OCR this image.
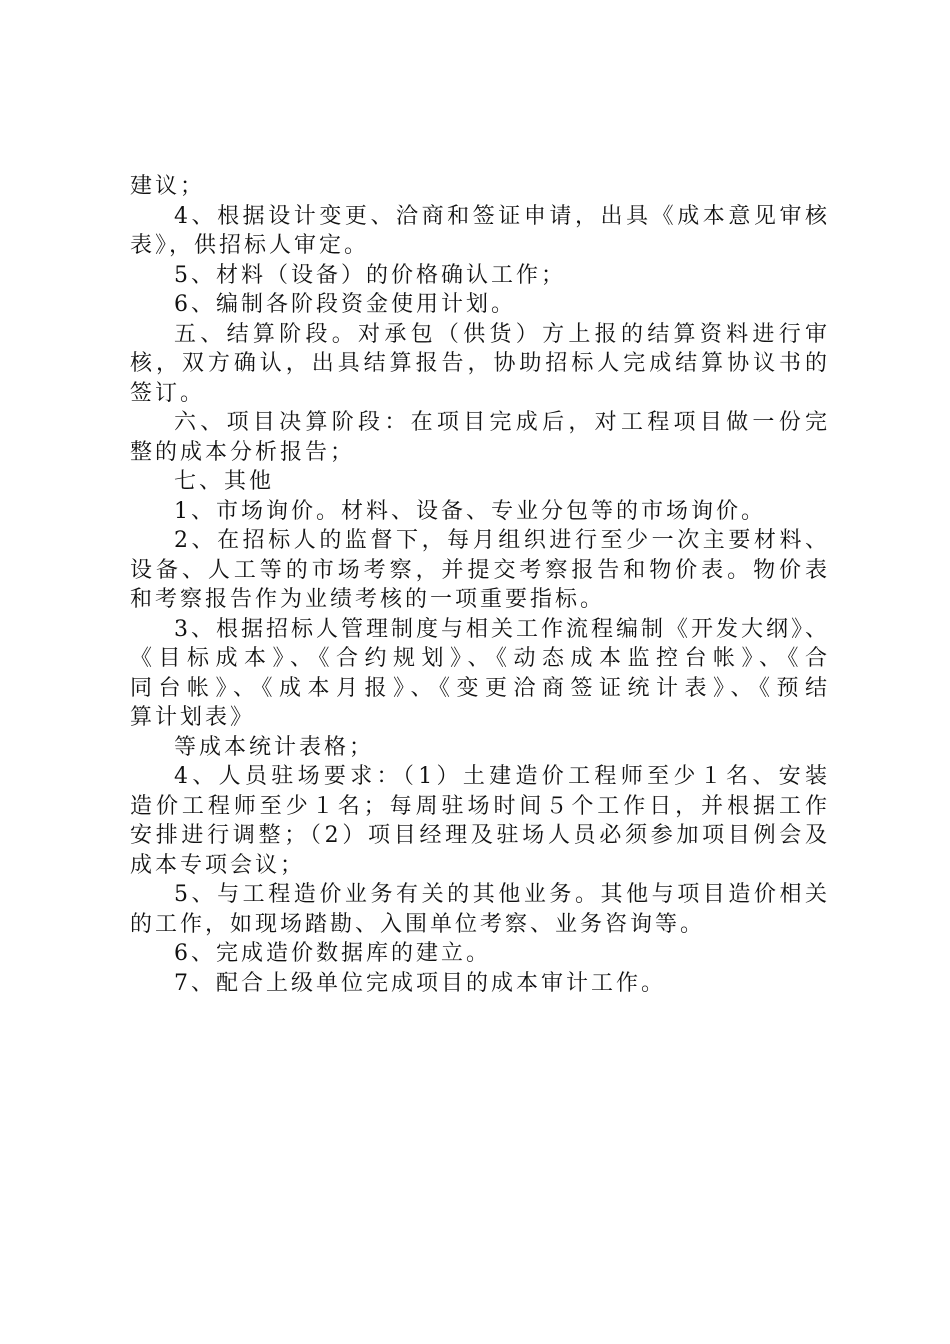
建议；
4、根据设计变更、洽商和签证申请，出具《成本意见审核
表》，供招标人审定。
5、材料（设备）的价格确认工作；
6、编制各阶段资金使用计划。
五、结算阶段。对承包（供货）方上报的结算资料进行审
核，双方确认，出具结算报告，协助招标人完成结算协议书的
签订。
六、项目决算阶段：在项目完成后，对工程项目做一份完
整的成本分析报告；
七、其他
1、市场询价。材料、设备、专业分包等的市场询价。
2、在招标人的监督下，每月组织进行至少一次主要材料、
设备、人工等的市场考察，并提交考察报告和物价表。物价表
和考察报告作为业绩考核的一项重要指标。
3、根据招标人管理制度与相关工作流程编制《开发大纲》、
《目标成本》、《合约规划》、《动态成本监控台帐》、《合
同台帐》、《成本月报》、《变更洽商签证统计表》、《预结
算计划表》
等成本统计表格；
4、人员驻场要求：（1）土建造价工程师至少１名、安装
造价工程师至少１名；每周驻场时间５个工作日，并根据工作
安排进行调整；（2）项目经理及驻场人员必须参加项目例会及
成本专项会议；
5、与工程造价业务有关的其他业务。其他与项目造价相关
的工作，如现场踏勘、入围单位考察、业务咨询等。
6、完成造价数据库的建立。
7、配合上级单位完成项目的成本审计工作。
